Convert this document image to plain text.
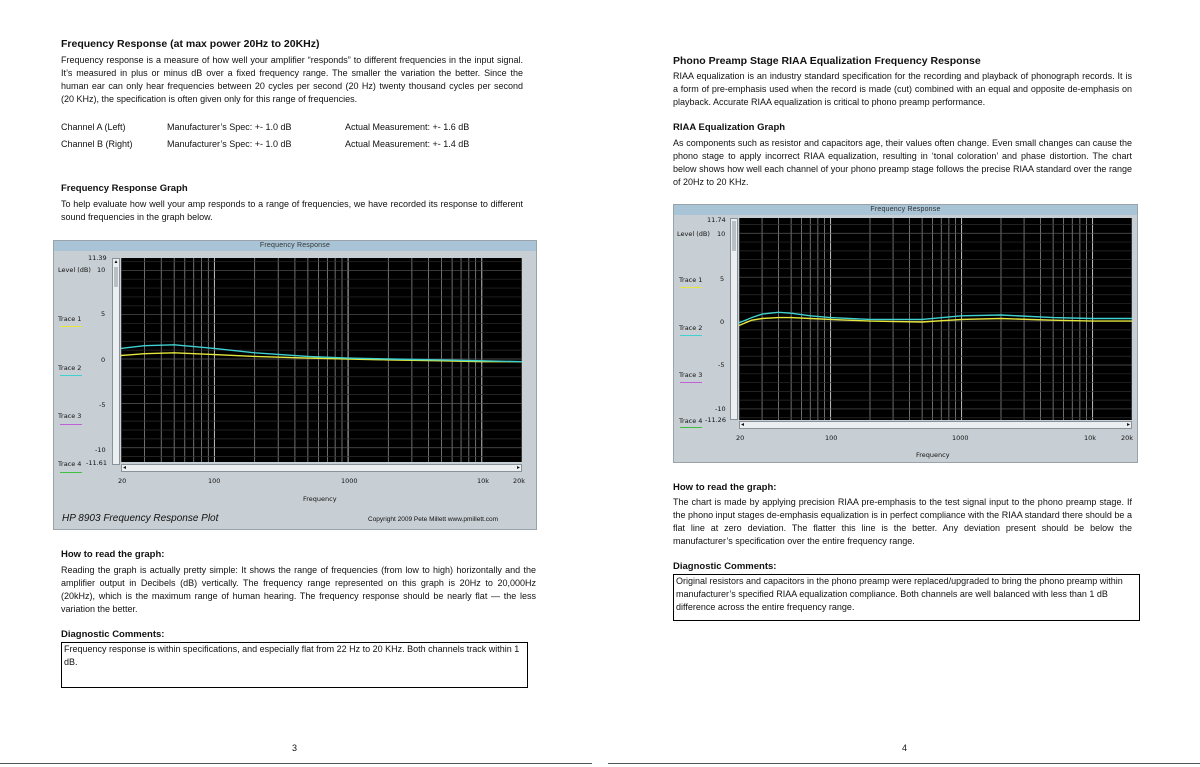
Frequency Response (at max power 20Hz to 20KHz)
Frequency response is a measure of how well your amplifier “responds” to different frequencies in the input signal. It’s measured in plus or minus dB over a fixed frequency range. The smaller the variation the better. Since the human ear can only hear frequencies between 20 cycles per second (20 Hz) twenty thousand cycles per second (20 KHz), the specification is often given only for this range of frequencies.
Channel A (Left)	Manufacturer’s Spec: +- 1.0 dB	Actual Measurement: +- 1.6 dB
Channel B (Right)	Manufacturer’s Spec: +- 1.0 dB	Actual Measurement: +- 1.4 dB
Frequency Response Graph
To help evaluate how well your amp responds to a range of frequencies, we have recorded its response to different sound frequencies in the graph below.
Frequency Response
11.39
Level (dB) 10
5
0
-5
-10
-11.61
Trace 1
Trace 2
Trace 3
Trace 4
▲
◂	▸
20	100	1000	10k	20k
Frequency
HP 8903 Frequency Response Plot	Copyright 2009 Pete Millett www.pmillett.com
How to read the graph:
Reading the graph is actually pretty simple: It shows the range of frequencies (from low to high) horizontally and the amplifier output in Decibels (dB) vertically. The frequency range represented on this graph is 20Hz to 20,000Hz (20kHz), which is the maximum range of human hearing. The frequency response should be nearly flat — the less variation the better.
Diagnostic Comments:
Frequency response is within specifications, and especially flat from 22 Hz to 20 KHz. Both channels track within 1 dB.
3
Phono Preamp Stage RIAA Equalization Frequency Response
RIAA equalization is an industry standard specification for the recording and playback of phonograph records. It is a form of pre-emphasis used when the record is made (cut) combined with an equal and opposite de-emphasis on playback. Accurate RIAA equalization is critical to phono preamp performance.
RIAA Equalization Graph
As components such as resistor and capacitors age, their values often change. Even small changes can cause the phono stage to apply incorrect RIAA equalization, resulting in ‘tonal coloration’ and phase distortion. The chart below shows how well each channel of your phono preamp stage follows the precise RIAA standard over the range of 20Hz to 20 KHz.
Frequency Response
11.74
Level (dB) 10
5
0
-5
-10
-11.26
Trace 1
Trace 2
Trace 3
Trace 4	◂	▸
20	100	1000	10k	20k
Frequency
How to read the graph:
The chart is made by applying precision RIAA pre-emphasis to the test signal input to the phono preamp stage. If the phono input stages de-emphasis equalization is in perfect compliance with the RIAA standard there should be a flat line at zero deviation. The flatter this line is the better. Any deviation present should be below the manufacturer’s specification over the entire frequency range.
Diagnostic Comments:
Original resistors and capacitors in the phono preamp were replaced/upgraded to bring the phono preamp within manufacturer’s specified RIAA equalization compliance. Both channels are well balanced with less than 1 dB difference across the entire frequency range.
4
